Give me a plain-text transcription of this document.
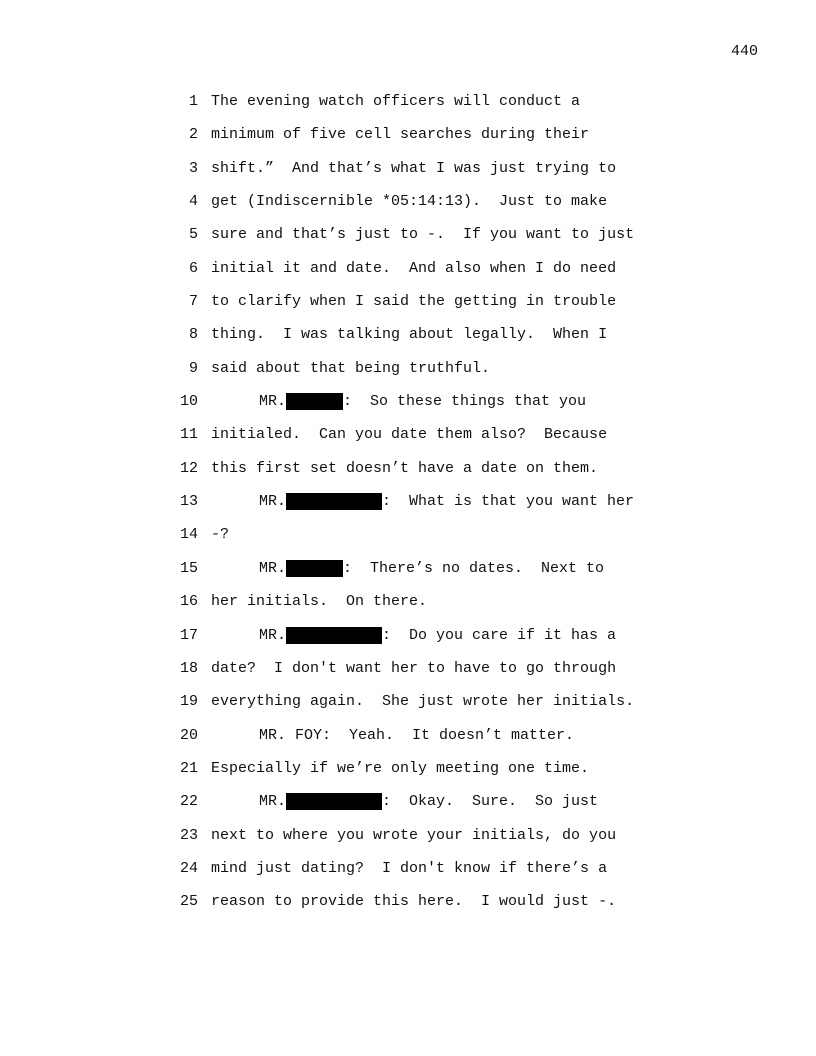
440
1 The evening watch officers will conduct a
2 minimum of five cell searches during their
3 shift.”  And that’s what I was just trying to
4 get (Indiscernible *05:14:13).  Just to make
5 sure and that’s just to -.  If you want to just
6 initial it and date.  And also when I do need
7 to clarify when I said the getting in trouble
8 thing.  I was talking about legally.  When I
9 said about that being truthful.
10	MR.	:  So these things that you
11 initialed.  Can you date them also?  Because
12 this first set doesn’t have a date on them.
13	MR.	:  What is that you want her
14 -?
15	MR.	:  There’s no dates.  Next to
16 her initials.  On there.
17	MR.	:  Do you care if it has a
18 date?  I don't want her to have to go through
19 everything again.  She just wrote her initials.
20	MR. FOY:  Yeah.  It doesn’t matter.
21 Especially if we’re only meeting one time.
22	MR.	:  Okay.  Sure.  So just
23 next to where you wrote your initials, do you
24 mind just dating?  I don't know if there’s a
25 reason to provide this here.  I would just -.
